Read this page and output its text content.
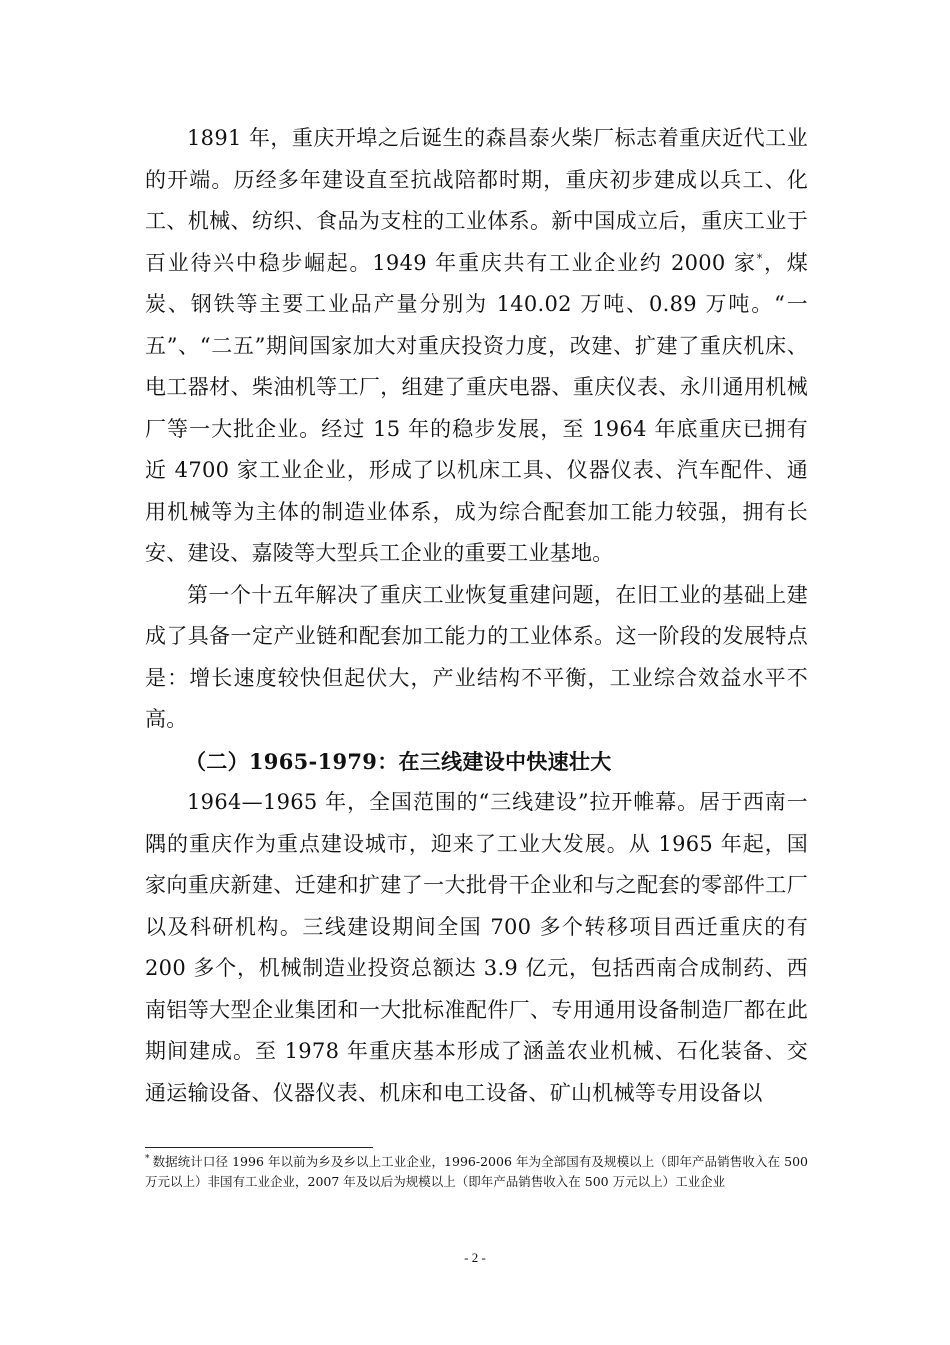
1891 年，重庆开埠之后诞生的森昌泰火柴厂标志着重庆近代工业的开端。历经多年建设直至抗战陪都时期，重庆初步建成以兵工、化工、机械、纺织、食品为支柱的工业体系。新中国成立后，重庆工业于百业待兴中稳步崛起。1949 年重庆共有工业企业约 2000 家*，煤炭、钢铁等主要工业品产量分别为 140.02 万吨、0.89 万吨。“一五”、“二五”期间国家加大对重庆投资力度，改建、扩建了重庆机床、电工器材、柴油机等工厂，组建了重庆电器、重庆仪表、永川通用机械厂等一大批企业。经过 15 年的稳步发展，至 1964 年底重庆已拥有近 4700 家工业企业，形成了以机床工具、仪器仪表、汽车配件、通用机械等为主体的制造业体系，成为综合配套加工能力较强，拥有长安、建设、嘉陵等大型兵工企业的重要工业基地。

第一个十五年解决了重庆工业恢复重建问题，在旧工业的基础上建成了具备一定产业链和配套加工能力的工业体系。这一阶段的发展特点是：增长速度较快但起伏大，产业结构不平衡，工业综合效益水平不高。

（二）1965-1979：在三线建设中快速壮大

1964—1965 年，全国范围的“三线建设”拉开帷幕。居于西南一隅的重庆作为重点建设城市，迎来了工业大发展。从 1965 年起，国家向重庆新建、迁建和扩建了一大批骨干企业和与之配套的零部件工厂以及科研机构。三线建设期间全国 700 多个转移项目西迁重庆的有 200 多个，机械制造业投资总额达 3.9 亿元，包括西南合成制药、西南铝等大型企业集团和一大批标准配件厂、专用通用设备制造厂都在此期间建成。至 1978 年重庆基本形成了涵盖农业机械、石化装备、交通运输设备、仪器仪表、机床和电工设备、矿山机械等专用设备以

* 数据统计口径 1996 年以前为乡及乡以上工业企业，1996-2006 年为全部国有及规模以上（即年产品销售收入在 500 万元以上）非国有工业企业，2007 年及以后为规模以上（即年产品销售收入在 500 万元以上）工业企业
- 2 -
